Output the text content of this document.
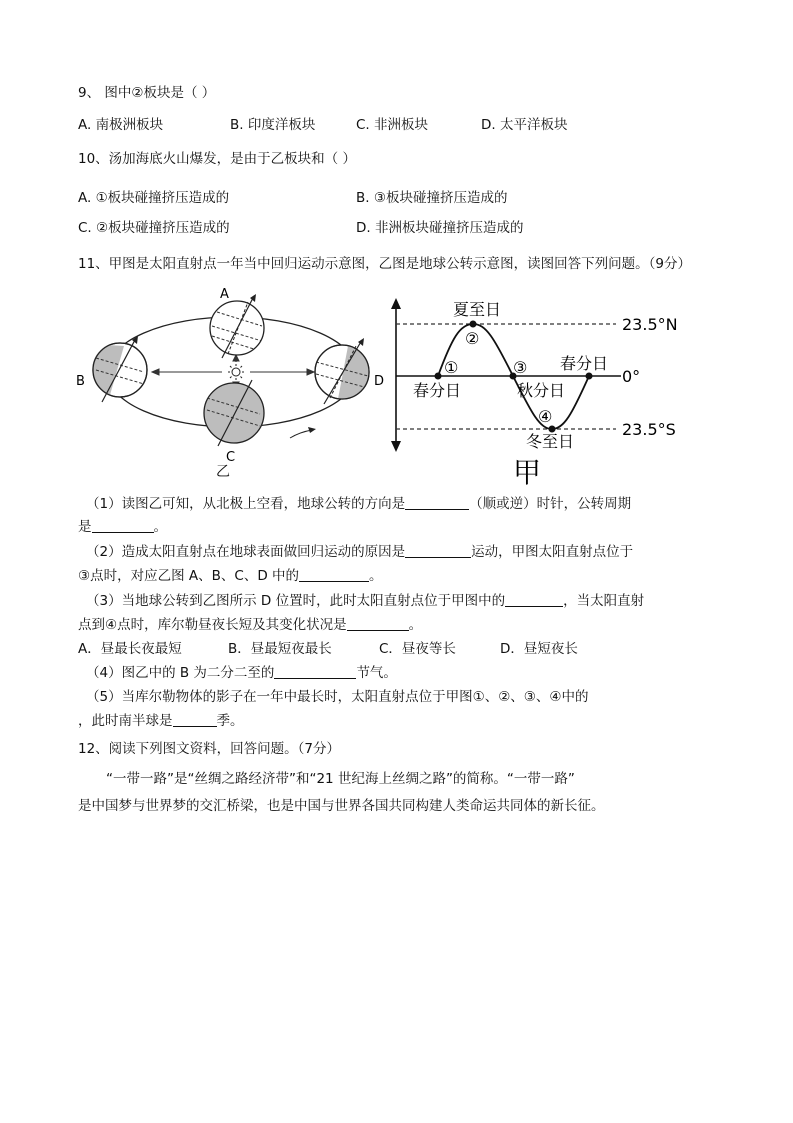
9、 图中②板块是（ ）
A. 南极洲板块	B. 印度洋板块	C. 非洲板块	D. 太平洋板块
10、汤加海底火山爆发，是由于乙板块和（ ）
A. ①板块碰撞挤压造成的	B. ③板块碰撞挤压造成的
C. ②板块碰撞挤压造成的	D. 非洲板块碰撞挤压造成的
11、甲图是太阳直射点一年当中回归运动示意图，乙图是地球公转示意图，读图回答下列问题。（9分）
A
B
C
D
乙
夏至日
②
①	③
④
春分日	秋分日
春分日
冬至日
23.5°N
0°
23.5°S
甲
（1）读图乙可知，从北极上空看，地球公转的方向是	（顺或逆）时针，公转周期
是	。
（2）造成太阳直射点在地球表面做回归运动的原因是	运动，甲图太阳直射点位于
③点时，对应乙图 A、B、C、D 中的	。
（3）当地球公转到乙图所示 D 位置时，此时太阳直射点位于甲图中的	，当太阳直射
点到④点时，库尔勒昼夜长短及其变化状况是	。
A．昼最长夜最短	B．昼最短夜最长	C．昼夜等长	D．昼短夜长
（4）图乙中的 B 为二分二至的	节气。
（5）当库尔勒物体的影子在一年中最长时，太阳直射点位于甲图①、②、③、④中的
，此时南半球是	季。
12、阅读下列图文资料，回答问题。（7分）
“一带一路”是“丝绸之路经济带”和“21 世纪海上丝绸之路”的简称。“一带一路”
是中国梦与世界梦的交汇桥梁，也是中国与世界各国共同构建人类命运共同体的新长征。
